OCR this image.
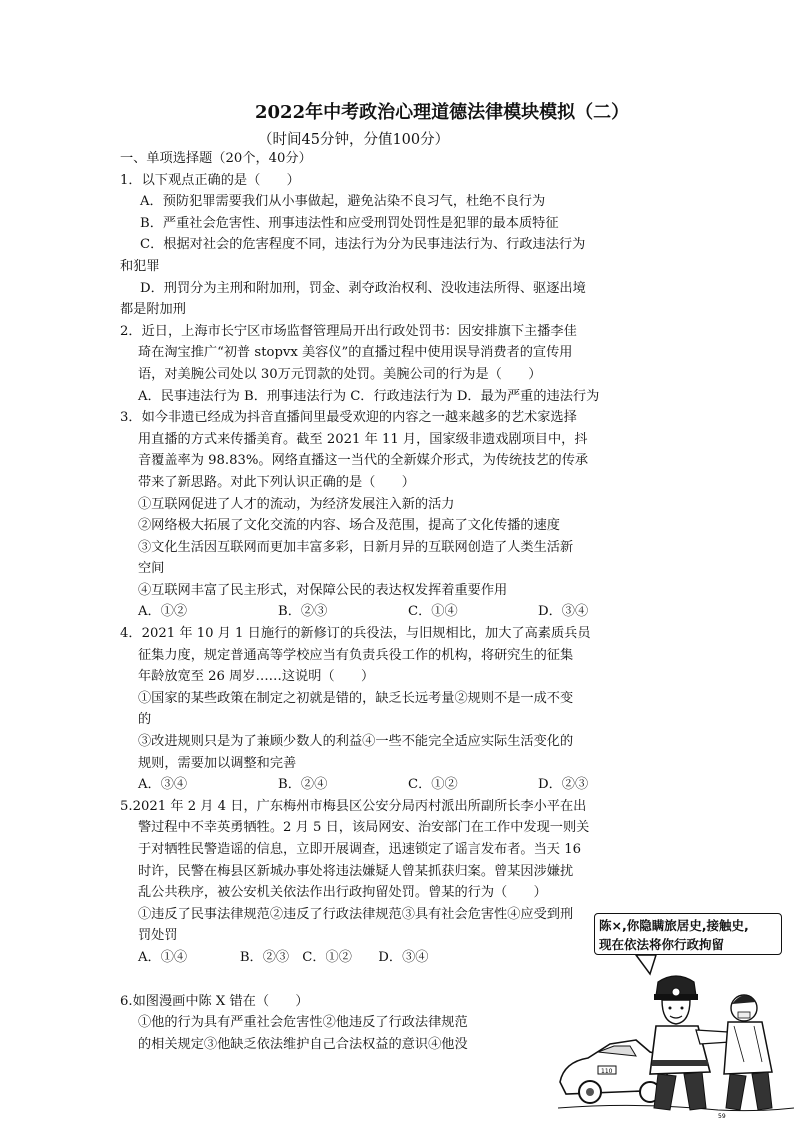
2022年中考政治心理道德法律模块模拟（二）
（时间45分钟，分值100分）
一、单项选择题（20个，40分）
1．以下观点正确的是（　　）
A．预防犯罪需要我们从小事做起，避免沾染不良习气，杜绝不良行为
B．严重社会危害性、刑事违法性和应受刑罚处罚性是犯罪的最本质特征
C．根据对社会的危害程度不同，违法行为分为民事违法行为、行政违法行为
和犯罪
D．刑罚分为主刑和附加刑，罚金、剥夺政治权利、没收违法所得、驱逐出境
都是附加刑
2．近日，上海市长宁区市场监督管理局开出行政处罚书：因安排旗下主播李佳
琦在淘宝推广“初普 stopvx 美容仪”的直播过程中使用误导消费者的宣传用
语，对美腕公司处以 30万元罚款的处罚。美腕公司的行为是（　　）
A．民事违法行为 B．刑事违法行为 C．行政违法行为 D．最为严重的违法行为
3．如今非遗已经成为抖音直播间里最受欢迎的内容之一越来越多的艺术家选择
用直播的方式来传播美育。截至 2021 年 11 月，国家级非遗戏剧项目中，抖
音覆盖率为 98.83%。网络直播这一当代的全新媒介形式，为传统技艺的传承
带来了新思路。对此下列认识正确的是（　　）
①互联网促进了人才的流动，为经济发展注入新的活力
②网络极大拓展了文化交流的内容、场合及范围，提高了文化传播的速度
③文化生活因互联网而更加丰富多彩，日新月异的互联网创造了人类生活新
空间
④互联网丰富了民主形式，对保障公民的表达权发挥着重要作用
A．①②	B．②③	C．①④	D．③④
4．2021 年 10 月 1 日施行的新修订的兵役法，与旧规相比，加大了高素质兵员
征集力度，规定普通高等学校应当有负责兵役工作的机构，将研究生的征集
年龄放宽至 26 周岁……这说明（　　）
①国家的某些政策在制定之初就是错的，缺乏长远考量②规则不是一成不变
的
③改进规则只是为了兼顾少数人的利益④一些不能完全适应实际生活变化的
规则，需要加以调整和完善
A．③④	B．②④	C．①②	D．②③
5.2021 年 2 月 4 日，广东梅州市梅县区公安分局丙村派出所副所长李小平在出
警过程中不幸英勇牺牲。2 月 5 日，该局网安、治安部门在工作中发现一则关
于对牺牲民警造谣的信息，立即开展调查，迅速锁定了谣言发布者。当天 16
时许，民警在梅县区新城办事处将违法嫌疑人曾某抓获归案。曾某因涉嫌扰
乱公共秩序，被公安机关依法作出行政拘留处罚。曾某的行为（　　）
①违反了民事法律规范②违反了行政法律规范③具有社会危害性④应受到刑
罚处罚
A．①④　　　　B．②③　C．①②　　D．③④
6.如图漫画中陈 X 错在（　　）
①他的行为具有严重社会危害性②他违反了行政法律规范
的相关规定③他缺乏依法维护自己合法权益的意识④他没
110
59
陈×,你隐瞒旅居史,接触史,
现在依法将你行政拘留
